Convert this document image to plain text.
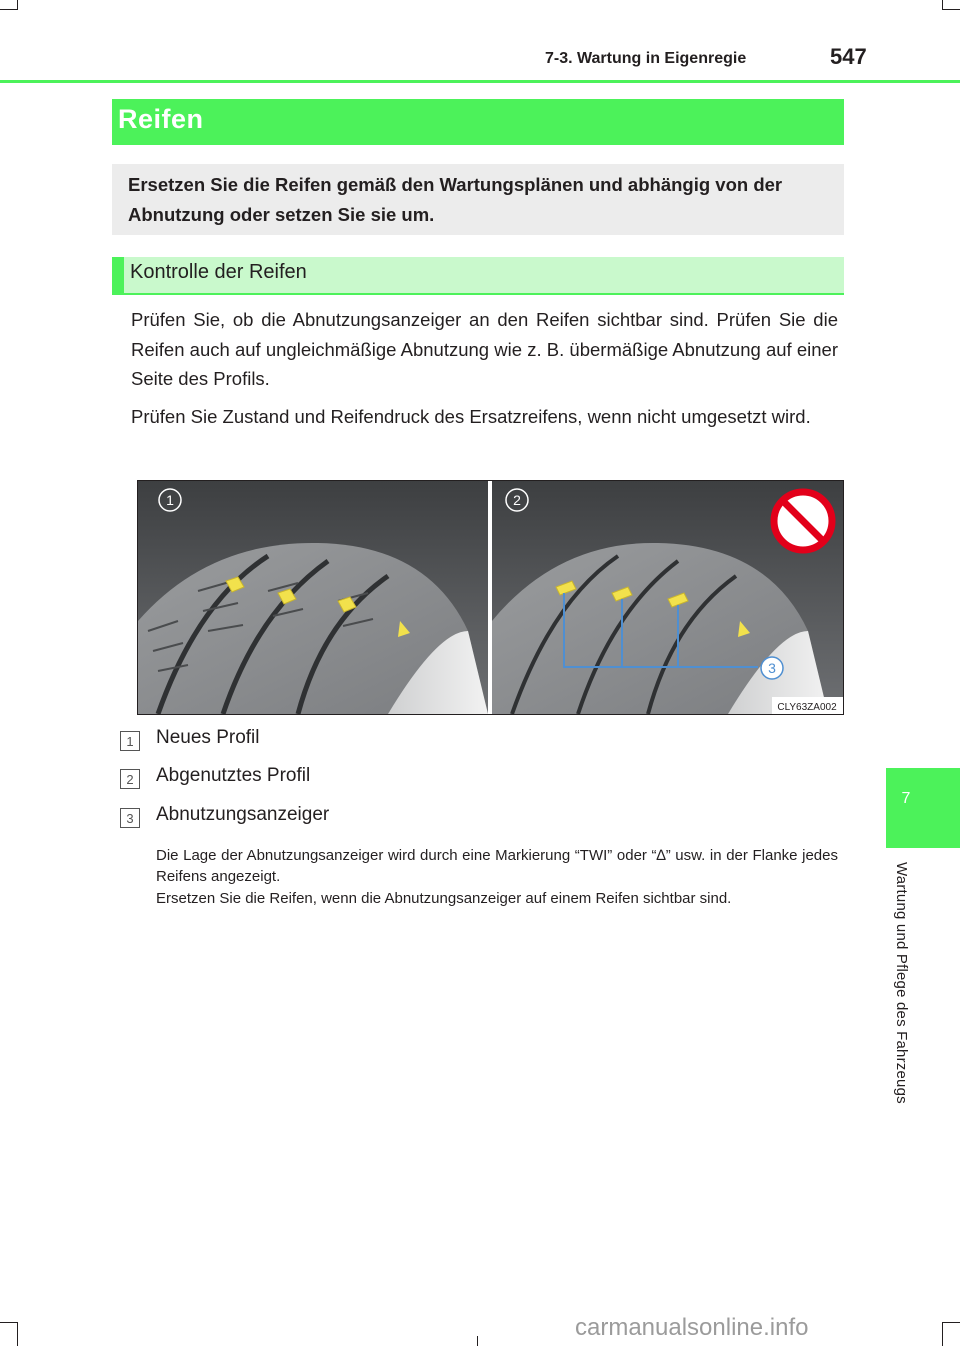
7-3. Wartung in Eigenregie	547
7
Wartung und Pflege des Fahrzeugs
Reifen
Ersetzen Sie die Reifen gemäß den Wartungsplänen und abhängig von der
Abnutzung oder setzen Sie sie um.
Kontrolle der Reifen
Prüfen Sie, ob die Abnutzungsanzeiger an den Reifen sichtbar sind. Prüfen Sie die Reifen auch auf ungleichmäßige Abnutzung wie z. B. übermäßige Abnutzung auf einer Seite des Profils.
Prüfen Sie Zustand und Reifendruck des Ersatzreifens, wenn nicht umgesetzt wird.
1	2
3
CLY63ZA002
1	Neues Profil
2	Abgenutztes Profil
3	Abnutzungsanzeiger
Die Lage der Abnutzungsanzeiger wird durch eine Markierung “TWI” oder “∆” usw. in der Flanke jedes Reifens angezeigt.
Ersetzen Sie die Reifen, wenn die Abnutzungsanzeiger auf einem Reifen sichtbar sind.
carmanualsonline.info
